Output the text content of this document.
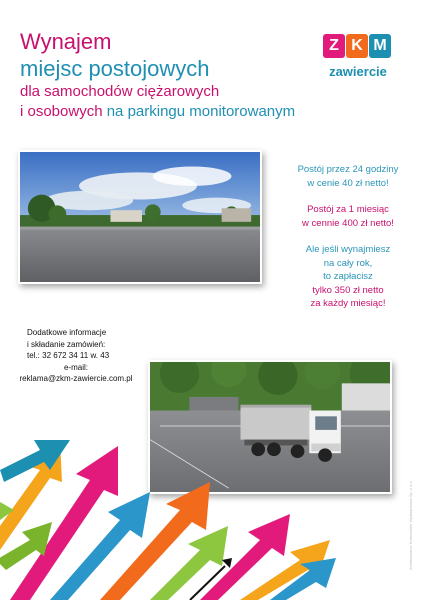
Wynajem
miejsc postojowych
dla samochodów ciężarowych
i osobowych na parkingu monitorowanym
Z K M
zawiercie

Postój przez 24 godziny
w cenie 40 zł netto!

Postój za 1 miesiąc
w cennie 400 zł netto!

Ale jeśli wynajmiesz
na cały rok,
to zapłacisz
tylko 350 zł netto
za każdy miesiąc!

Dodatkowe informacje
i składanie zamówień:
tel.: 32 672 34 11 w. 43
e-mail:
reklama@zkm-zawiercie.com.pl
Zrealizowano: Komunalne Wydawnictwa Sp. z o.o.
